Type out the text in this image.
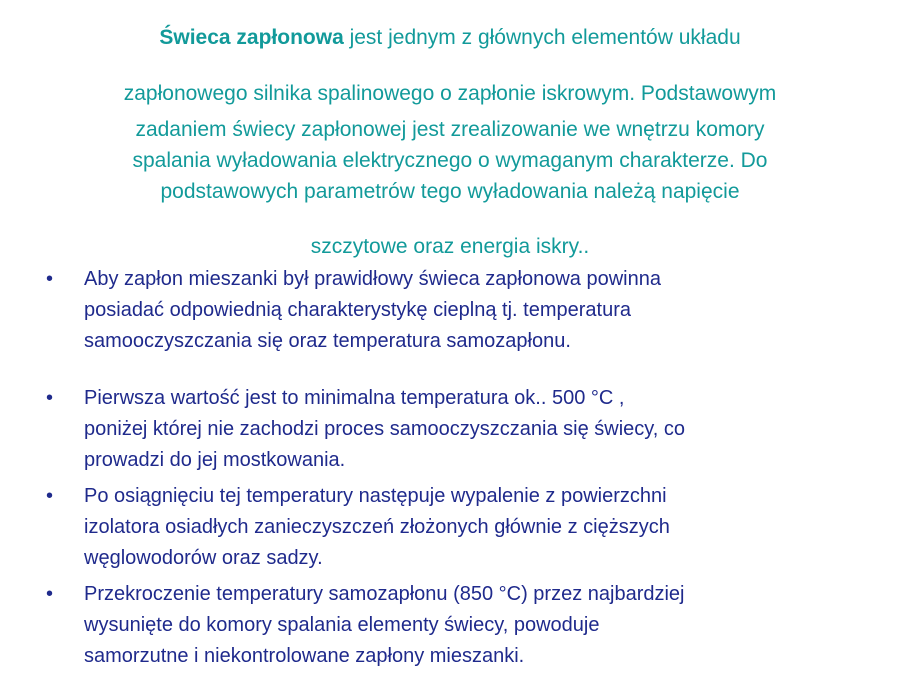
Świeca zapłonowa jest jednym z głównych elementów układu
zapłonowego silnika spalinowego o zapłonie iskrowym. Podstawowym
zadaniem świecy zapłonowej jest zrealizowanie we wnętrzu komory
spalania wyładowania elektrycznego o wymaganym charakterze. Do
podstawowych parametrów tego wyładowania należą napięcie
szczytowe oraz energia iskry..
• Aby zapłon mieszanki był prawidłowy świeca zapłonowa powinna
posiadać odpowiednią charakterystykę cieplną tj. temperatura
samooczyszczania się oraz temperatura samozapłonu.
• Pierwsza wartość jest to minimalna temperatura ok.. 500 °C ,
poniżej której nie zachodzi proces samooczyszczania się świecy, co
prowadzi do jej mostkowania.
• Po osiągnięciu tej temperatury następuje wypalenie z powierzchni
izolatora osiadłych zanieczyszczeń złożonych głównie z cięższych
węglowodorów oraz sadzy.
• Przekroczenie temperatury samozapłonu (850 °C) przez najbardziej
wysunięte do komory spalania elementy świecy, powoduje
samorzutne i niekontrolowane zapłony mieszanki.
